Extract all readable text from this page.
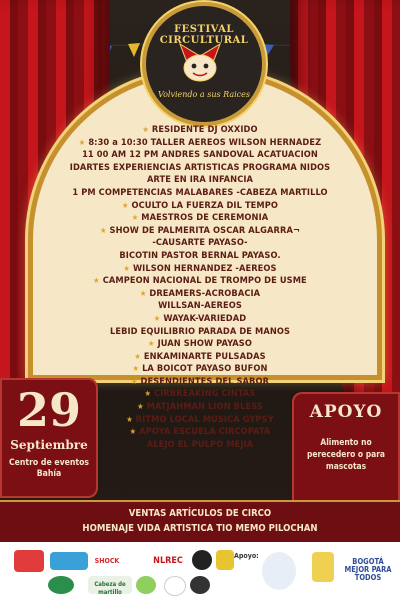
FESTIVAL CIRCULTURAL
Volviendo a sus Raices
★ RESIDENTE DJ OXXIDO
★ 8:30 a 10:30 TALLER AEREOS WILSON HERNADEZ
11 00 AM 12 PM ANDRES SANDOVAL ACATUACION
IDARTES EXPERIENCIAS ARTISTICAS PROGRAMA NIDOS
ARTE EN IRA INFANCIA
1 PM COMPETENCIAS MALABARES -CABEZA MARTILLO
★ OCULTO LA FUERZA DIL TEMPO
★ MAESTROS DE CEREMONIA
★ SHOW DE PALMERITA OSCAR ALGARRA¬
-CAUSARTE PAYASO-
BICOTIN PASTOR BERNAL PAYASO.
★ WILSON HERNANDEZ -AEREOS
★ CAMPEON NACIONAL DE TROMPO DE USME
★ DREAMERS-ACROBACIA
WILLSAN-AEREOS
★ WAYAK-VARIEDAD
LEBID EQUILIBRIO PARADA DE MANOS
★ JUAN SHOW PAYASO
★ ENKAMINARTE PULSADAS
★ LA BOICOT PAYASO BUFON
★ DESENDIENTES DEL SABOR
★ CIRBREAKING CINTAS
★ MATJAHMAN LION BLESS
★ RITMO LOCAL MUSICA GYPSY
★ APOYA ESCUELA CIRCOPATA
ALEJO EL PULPO MEJIA
29
Septiembre
Centro de eventos Bahía
APOYO
Alimento no perecedero o para mascotas
VENTAS ARTÍCULOS DE CIRCO
HOMENAJE VIDA ARTISTICA TIO MEMO PILOCHAN
SHOCK	NLREC	Apoyo:
Cabeza de martillo
BOGOTÁ MEJOR PARA TODOS
